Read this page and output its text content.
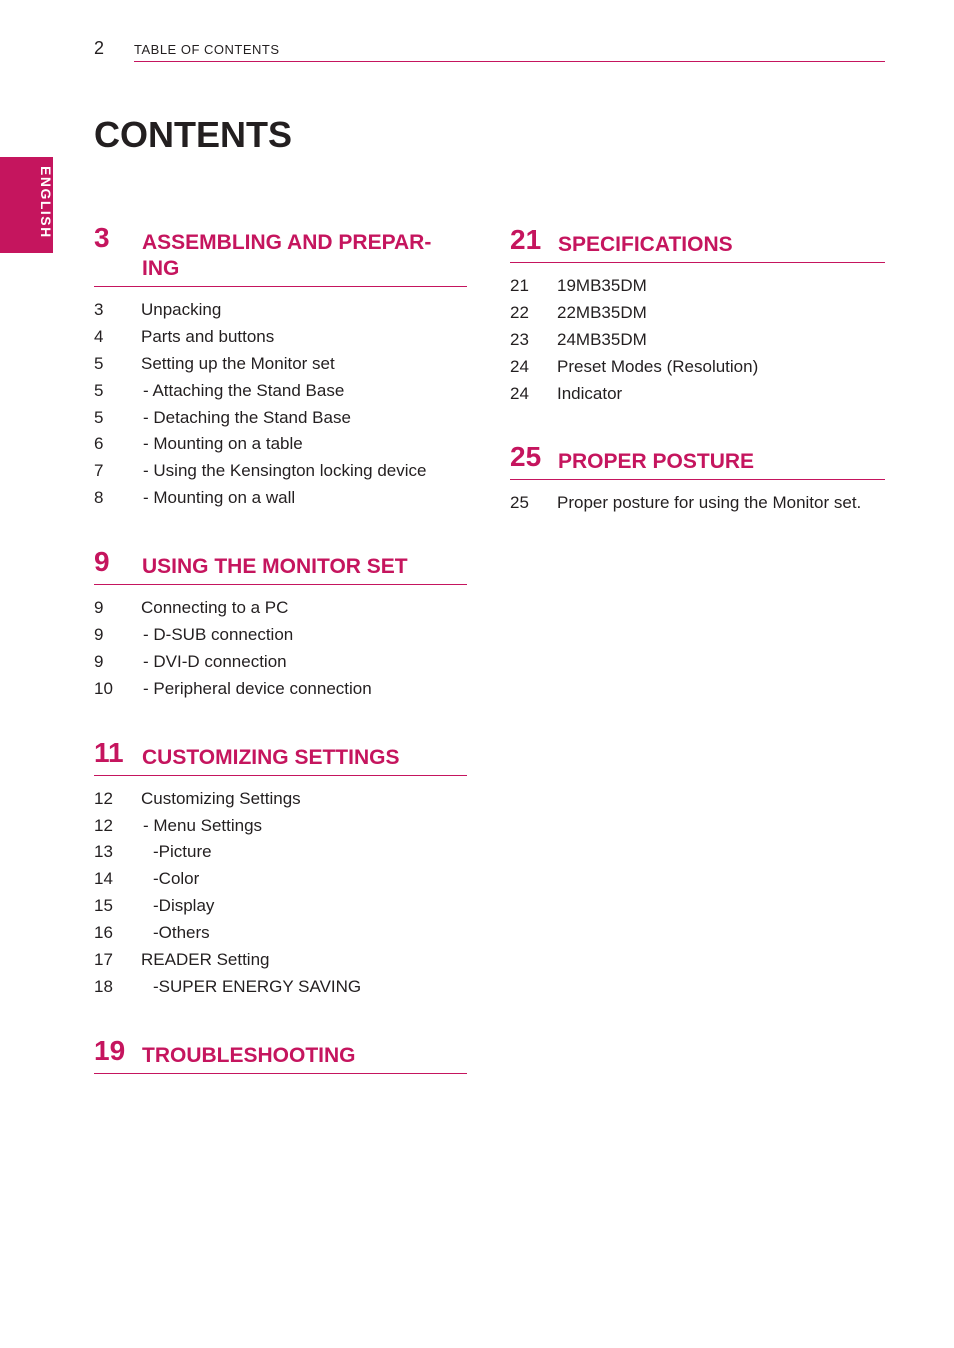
2 TABLE OF CONTENTS
ENGLISH
CONTENTS
3	ASSEMBLING AND PREPAR- ING
3	Unpacking
4	Parts and buttons
5	Setting up the Monitor set
5	- Attaching the Stand Base
5	- Detaching the Stand Base
6	- Mounting on a table
7	- Using the Kensington locking device
8	- Mounting on a wall
9	USING THE MONITOR SET
9	Connecting to a PC
9	- D-SUB connection
9	- DVI-D connection
10	- Peripheral device connection
11 CUSTOMIZING SETTINGS
12	Customizing Settings
12	- Menu Settings
13	-Picture
14	-Color
15	-Display
16	-Others
17	READER Setting
18	-SUPER ENERGY SAVING
19 TROUBLESHOOTING
21 SPECIFICATIONS
21	19MB35DM
22	22MB35DM
23	24MB35DM
24	Preset Modes (Resolution)
24	Indicator
25 PROPER POSTURE
25	Proper posture for using the Monitor set.
